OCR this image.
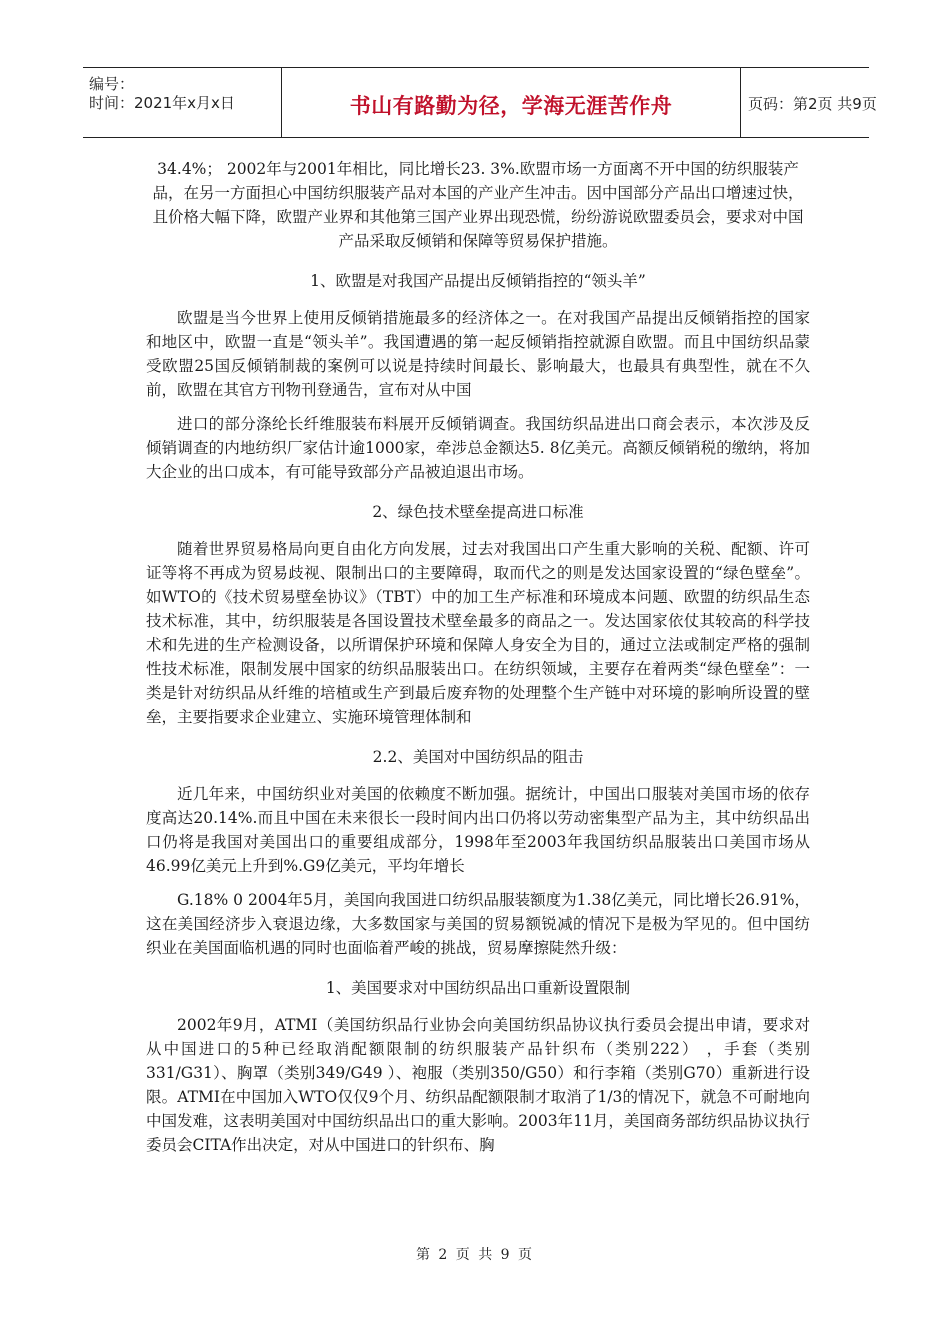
编号：
时间：2021年x月x日	书山有路勤为径，学海无涯苦作舟	页码：第2页 共9页

34.4%； 2002年与2001年相比，同比增长23. 3%.欧盟市场一方面离不开中国的纺织服装产品，在另一方面担心中国纺织服装产品对本国的产业产生冲击。因中国部分产品出口增速过快，且价格大幅下降，欧盟产业界和其他第三国产业界出现恐慌，纷纷游说欧盟委员会，要求对中国产品采取反倾销和保障等贸易保护措施。

1、欧盟是对我国产品提出反倾销指控的“领头羊”

欧盟是当今世界上使用反倾销措施最多的经济体之一。在对我国产品提出反倾销指控的国家和地区中，欧盟一直是“领头羊”。我国遭遇的第一起反倾销指控就源自欧盟。而且中国纺织品蒙受欧盟25国反倾销制裁的案例可以说是持续时间最长、影响最大，也最具有典型性，就在不久前，欧盟在其官方刊物刊登通告，宣布对从中国

进口的部分涤纶长纤维服装布料展开反倾销调查。我国纺织品进出口商会表示，本次涉及反倾销调查的内地纺织厂家估计逾1000家，牵涉总金额达5. 8亿美元。高额反倾销税的缴纳，将加大企业的出口成本，有可能导致部分产品被迫退出市场。

2、绿色技术壁垒提高进口标准

随着世界贸易格局向更自由化方向发展，过去对我国出口产生重大影响的关税、配额、许可证等将不再成为贸易歧视、限制出口的主要障碍，取而代之的则是发达国家设置的“绿色壁垒”。如WTO的《技术贸易壁垒协议》（TBT）中的加工生产标准和环境成本问题、欧盟的纺织品生态技术标准，其中，纺织服装是各国设置技术壁垒最多的商品之一。发达国家依仗其较高的科学技术和先进的生产检测设备，以所谓保护环境和保障人身安全为目的，通过立法或制定严格的强制性技术标准，限制发展中国家的纺织品服装出口。在纺织领域，主要存在着两类“绿色壁垒”：一类是针对纺织品从纤维的培植或生产到最后废弃物的处理整个生产链中对环境的影响所设置的壁垒，主要指要求企业建立、实施环境管理体制和

2.2、美国对中国纺织品的阻击

近几年来，中国纺织业对美国的依赖度不断加强。据统计，中国出口服装对美国市场的依存度高达20.14%.而且中国在未来很长一段时间内出口仍将以劳动密集型产品为主，其中纺织品出口仍将是我国对美国出口的重要组成部分，1998年至2003年我国纺织品服装出口美国市场从46.99亿美元上升到%.G9亿美元，平均年增长

G.18% 0 2004年5月，美国向我国进口纺织品服装额度为1.38亿美元，同比增长26.91%，这在美国经济步入衰退边缘，大多数国家与美国的贸易额锐减的情况下是极为罕见的。但中国纺织业在美国面临机遇的同时也面临着严峻的挑战，贸易摩擦陡然升级：

1、美国要求对中国纺织品出口重新设置限制

2002年9月，ATMI（美国纺织品行业协会向美国纺织品协议执行委员会提出申请，要求对从中国进口的5种已经取消配额限制的纺织服装产品针织布（类别222） ，手套（类别331/G31）、胸罩（类别349/G49 ）、袍服（类别350/G50）和行李箱（类别G70）重新进行设限。ATMI在中国加入WTO仅仅9个月、纺织品配额限制才取消了1/3的情况下，就急不可耐地向中国发难，这表明美国对中国纺织品出口的重大影响。2003年11月，美国商务部纺织品协议执行委员会CITA作出决定，对从中国进口的针织布、胸

第 2 页 共 9 页
